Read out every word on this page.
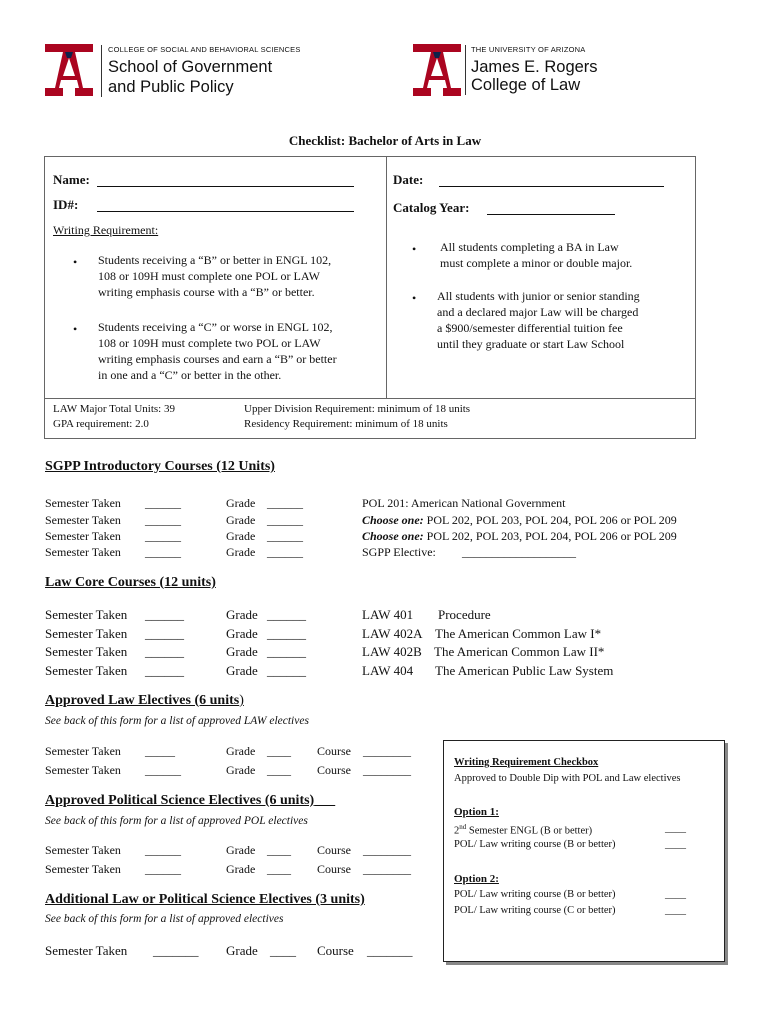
COLLEGE OF SOCIAL AND BEHAVIORAL SCIENCES
School of Government
and Public Policy
THE UNIVERSITY OF ARIZONA
James E. Rogers
College of Law
Checklist: Bachelor of Arts in Law
Name:
ID#:
Date:
Catalog Year:
Writing Requirement:
• Students receiving a “B” or better in ENGL 102,
108 or 109H must complete one POL or LAW
writing emphasis course with a “B” or better.
• Students receiving a “C” or worse in ENGL 102,
108 or 109H must complete two POL or LAW
writing emphasis courses and earn a “B” or better
in one and a “C” or better in the other.
• All students completing a BA in Law
must complete a minor or double major.
• All students with junior or senior standing
and a declared major Law will be charged
a $900/semester differential tuition fee
until they graduate or start Law School
LAW Major Total Units: 39
GPA requirement: 2.0
Upper Division Requirement: minimum of 18 units
Residency Requirement: minimum of 18 units
SGPP Introductory Courses (12 Units)
Semester Taken ______	Grade ______	POL 201: American National Government
Semester Taken ______	Grade ______	Choose one: POL 202, POL 203, POL 204, POL 206 or POL 209
Semester Taken ______	Grade ______	Choose one: POL 202, POL 203, POL 204, POL 206 or POL 209
Semester Taken ______	Grade ______	SGPP Elective: ___________________
Law Core Courses (12 units)
Semester Taken ______	Grade ______	LAW 401 Procedure
Semester Taken ______	Grade ______	LAW 402A The American Common Law I*
Semester Taken ______	Grade ______	LAW 402B The American Common Law II*
Semester Taken ______	Grade ______	LAW 404 The American Public Law System
Approved Law Electives (6 units)
See back of this form for a list of approved LAW electives
Semester Taken _____	Grade ____ Course ________
Semester Taken ______	Grade ____ Course ________
Approved Political Science Electives (6 units)
See back of this form for a list of approved POL electives
Semester Taken ______	Grade ____ Course ________
Semester Taken ______	Grade ____ Course ________
Additional Law or Political Science Electives (3 units)
See back of this form for a list of approved electives
Semester Taken _______ Grade ____ Course _______
Writing Requirement Checkbox
Approved to Double Dip with POL and Law electives
Option 1:
2nd Semester ENGL (B or better)	____
POL/ Law writing course (B or better)	____
Option 2:
POL/ Law writing course (B or better)	____
POL/ Law writing course (C or better)	____
